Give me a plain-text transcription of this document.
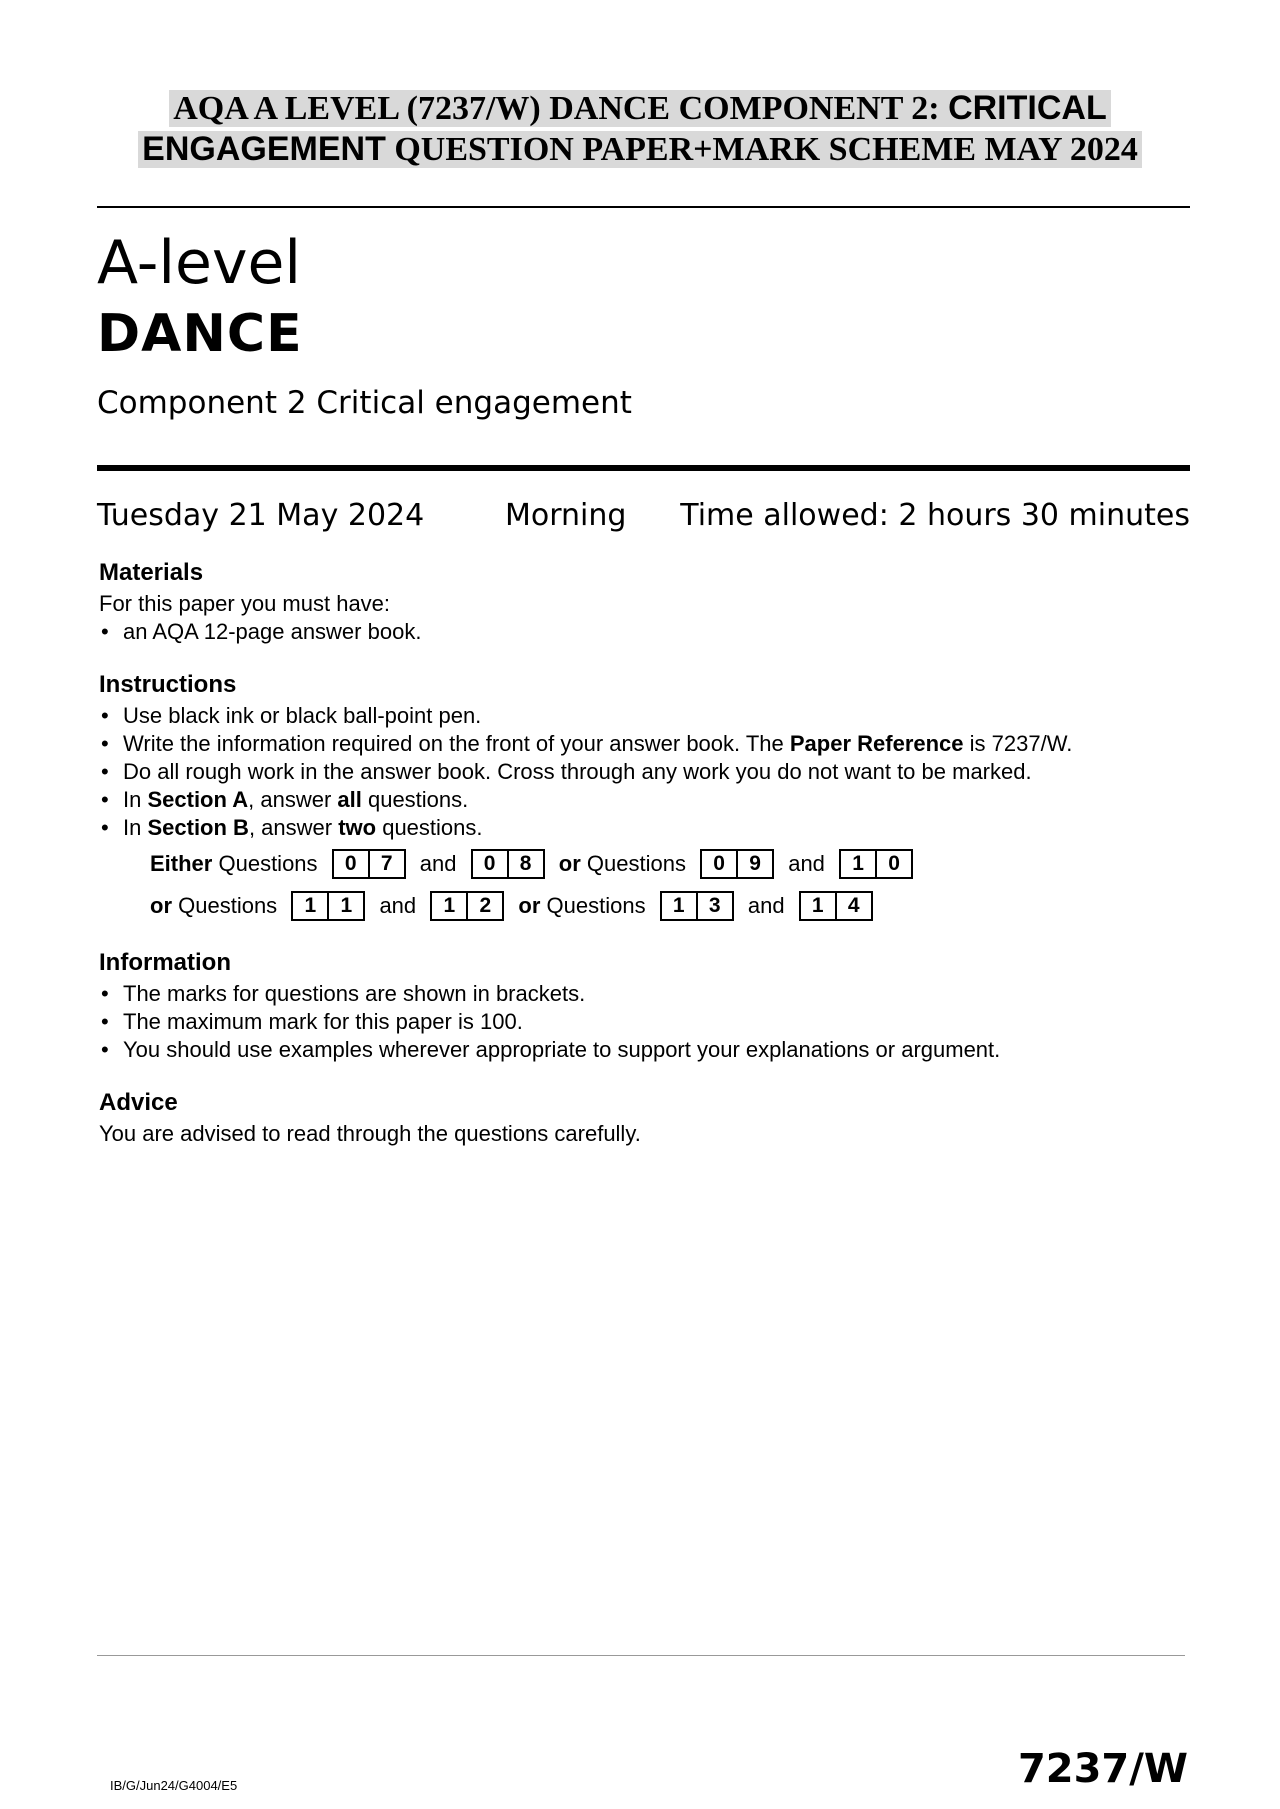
AQA A LEVEL (7237/W) DANCE COMPONENT 2: CRITICAL
ENGAGEMENT QUESTION PAPER+MARK SCHEME MAY 2024
A-level
DANCE
Component 2 Critical engagement
Tuesday 21 May 2024	Morning Time allowed: 2 hours 30 minutes
Materials

For this paper you must have:

• an AQA 12-page answer book.
Instructions
• Use black ink or black ball-point pen.
• Write the information required on the front of your answer book. The Paper Reference is 7237/W.
• Do all rough work in the answer book. Cross through any work you do not want to be marked.
• In Section A, answer all questions.
• In Section B, answer two questions.
Either Questions	0	7	and	0	8	or Questions	0	9	and	1	0
or Questions	1	1	and	1	2	or Questions	1	3	and	1	4
Information
• The marks for questions are shown in brackets.
• The maximum mark for this paper is 100.
• You should use examples wherever appropriate to support your explanations or argument.
Advice

You are advised to read through the questions carefully.

IB/G/Jun24/G4004/E5	7237/W
